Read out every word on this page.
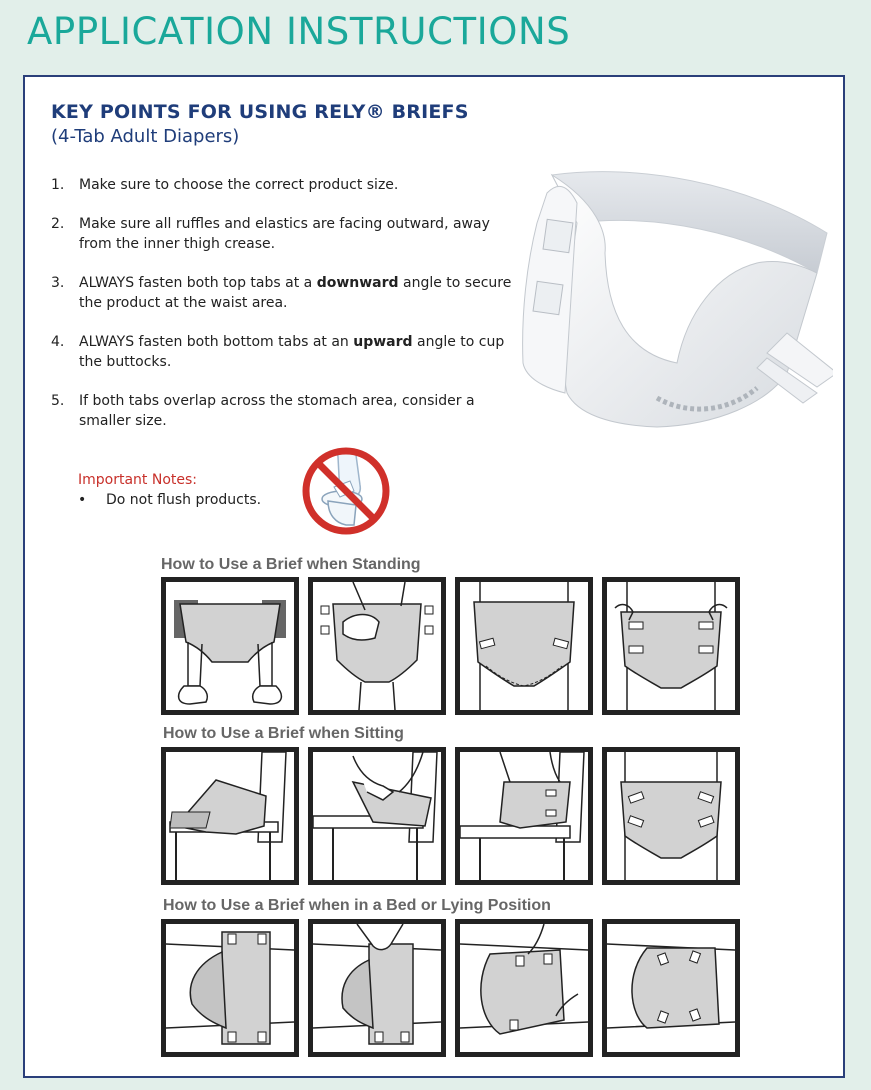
APPLICATION INSTRUCTIONS
KEY POINTS FOR USING RELY® BRIEFS
(4-Tab Adult Diapers)
1. Make sure to choose the correct product size.
2. Make sure all ruffles and elastics are facing outward, away from the inner thigh crease.
3. ALWAYS fasten both top tabs at a downward angle to secure the product at the waist area.
4. ALWAYS fasten both bottom tabs at an upward angle to cup the buttocks.
5. If both tabs overlap across the stomach area, consider a smaller size.
Important Notes:
• Do not flush products.
How to Use a Brief when Standing
How to Use a Brief when Sitting
How to Use a Brief when in a Bed or Lying Position
